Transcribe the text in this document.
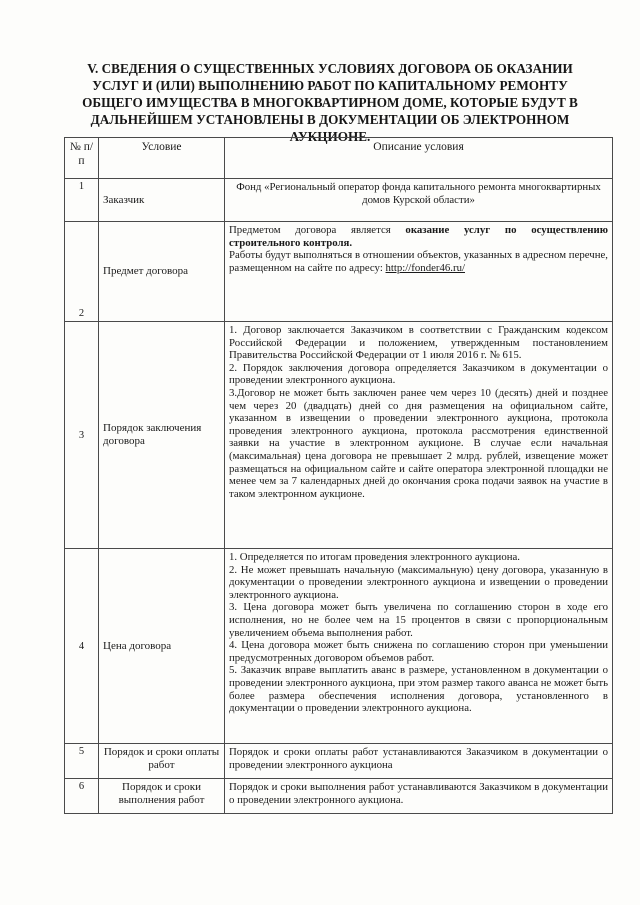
V. СВЕДЕНИЯ О СУЩЕСТВЕННЫХ УСЛОВИЯХ ДОГОВОРА ОБ ОКАЗАНИИ УСЛУГ И (ИЛИ) ВЫПОЛНЕНИЮ РАБОТ ПО КАПИТАЛЬНОМУ РЕМОНТУ ОБЩЕГО ИМУЩЕСТВА В МНОГОКВАРТИРНОМ ДОМЕ, КОТОРЫЕ БУДУТ В ДАЛЬНЕЙШЕМ УСТАНОВЛЕНЫ В ДОКУМЕНТАЦИИ ОБ ЭЛЕКТРОННОМ АУКЦИОНЕ.
№ п/п	Условие	Описание условия
1	Заказчик	Фонд «Региональный оператор фонда капитального ремонта многоквартирных домов Курской области»
2	Предмет договора	Предметом договора является оказание услуг по осуществлению строительного контроля.

Работы будут выполняться в отношении объектов, указанных в адресном перечне, размещенном на сайте по адресу: http://fonder46.ru/

3	Порядок заключения договора	1. Договор заключается Заказчиком в соответствии с Гражданским кодексом Российской Федерации и положением, утвержденным постановлением Правительства Российской Федерации от 1 июля 2016 г. № 615.

2. Порядок заключения договора определяется Заказчиком в документации о проведении электронного аукциона.

3.Договор не может быть заключен ранее чем через 10 (десять) дней и позднее чем через 20 (двадцать) дней со дня размещения на официальном сайте, указанном в извещении о проведении электронного аукциона, протокола проведения электронного аукциона, протокола рассмотрения единственной заявки на участие в электронном аукционе. В случае если начальная (максимальная) цена договора не превышает 2 млрд. рублей, извещение может размещаться на официальном сайте и сайте оператора электронной площадки не менее чем за 7 календарных дней до окончания срока подачи заявок на участие в таком электронном аукционе.

4	Цена договора	1. Определяется по итогам проведения электронного аукциона.

2. Не может превышать начальную (максимальную) цену договора, указанную в документации о проведении электронного аукциона и извещении о проведении электронного аукциона.

3. Цена договора может быть увеличена по соглашению сторон в ходе его исполнения, но не более чем на 15 процентов в связи с пропорциональным увеличением объема выполнения работ.

4. Цена договора может быть снижена по соглашению сторон при уменьшении предусмотренных договором объемов работ.

5. Заказчик вправе выплатить аванс в размере, установленном в документации о проведении электронного аукциона, при этом размер такого аванса не может быть более размера обеспечения исполнения договора, установленного в документации о проведении электронного аукциона.

5	Порядок и сроки оплаты работ	Порядок и сроки оплаты работ устанавливаются Заказчиком в документации о проведении электронного аукциона
6	Порядок и сроки выполнения работ	Порядок и сроки выполнения работ устанавливаются Заказчиком в документации о проведении электронного аукциона.
